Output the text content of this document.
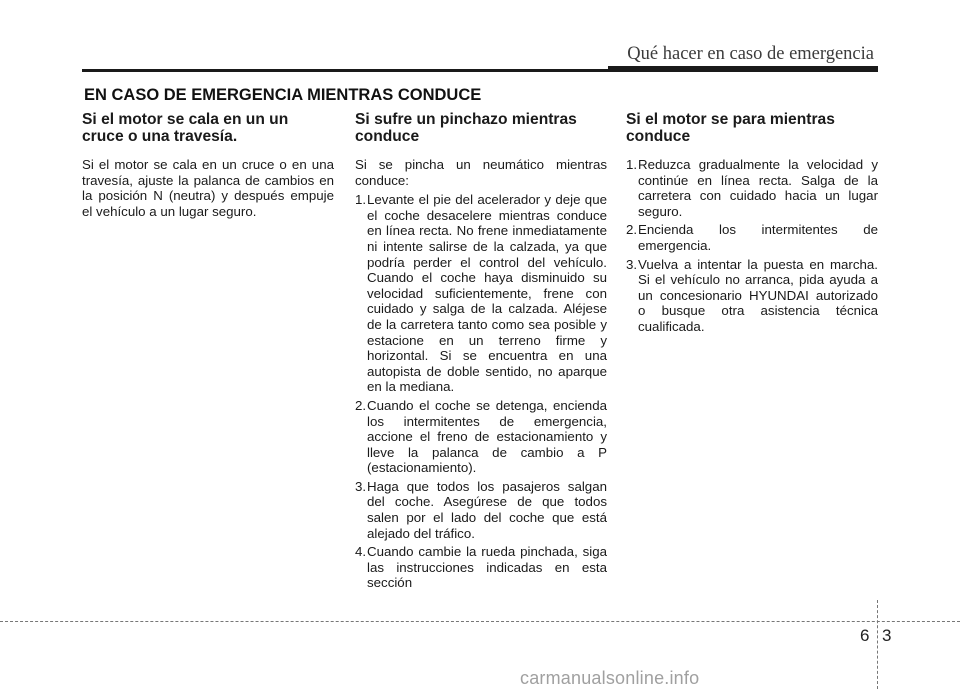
Qué hacer en caso de emergencia
EN CASO DE EMERGENCIA MIENTRAS CONDUCE
Si el motor se cala en un un cruce o una travesía.

Si el motor se cala en un cruce o en una travesía, ajuste la palanca de cambios en la posición N (neutra) y después empuje el vehículo a un lugar seguro.

Si sufre un pinchazo mientras conduce

Si se pincha un neumático mientras conduce:

1 . Levante el pie del acelerador y deje que el coche desacelere mientras conduce en línea recta. No frene inmediatamente ni intente salirse de la calzada, ya que podría perder el control del vehículo. Cuando el coche haya disminuido su velocidad suficientemente, frene con cuidado y salga de la calzada. Aléjese de la carretera tanto como sea posible y estacione en un terreno firme y horizontal. Si se encuentra en una autopista de doble sentido, no aparque en la mediana.
2 . Cuando el coche se detenga, encienda los intermitentes de emergencia, accione el freno de estacionamiento y lleve la palanca de cambio a P (estacionamiento).
3 . Haga que todos los pasajeros salgan del coche. Asegúrese de que todos salen por el lado del coche que está alejado del tráfico.
4 . Cuando cambie la rueda pinchada, siga las instrucciones indicadas en esta sección
Si el motor se para mientras conduce
1 . Reduzca gradualmente la velocidad y continúe en línea recta. Salga de la carretera con cuidado hacia un lugar seguro.
2 . Encienda los intermitentes de emergencia.
3 . Vuelva a intentar la puesta en marcha. Si el vehículo no arranca, pida ayuda a un concesionario HYUNDAI autorizado o busque otra asistencia técnica cualificada.
6 3
carmanualsonline.info
